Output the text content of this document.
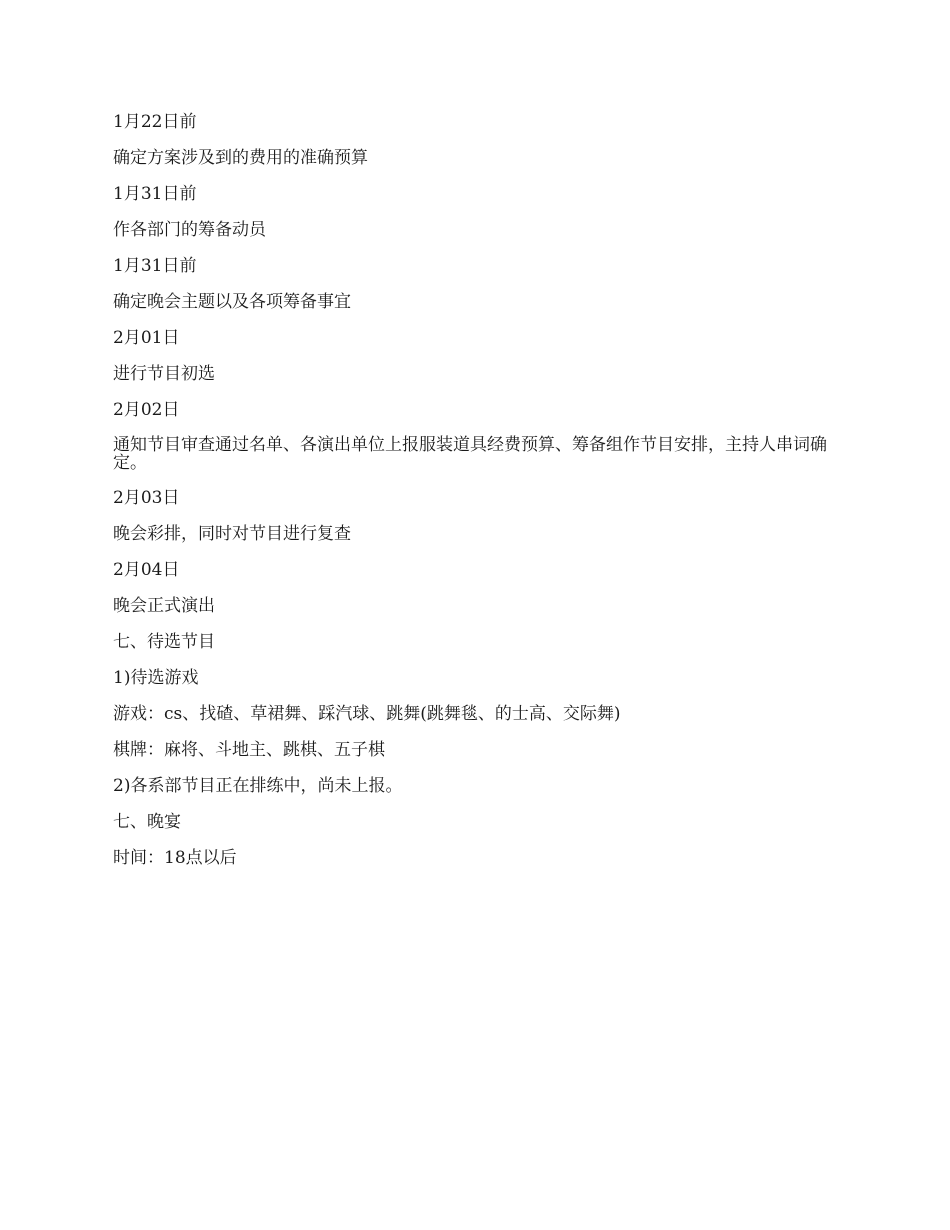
1月22日前

确定方案涉及到的费用的准确预算

1月31日前

作各部门的筹备动员

1月31日前

确定晚会主题以及各项筹备事宜

2月01日

进行节目初选

2月02日

通知节目审查通过名单、各演出单位上报服装道具经费预算、筹备组作节目安排，主持人串词确定。

2月03日

晚会彩排，同时对节目进行复查

2月04日

晚会正式演出

七、待选节目

1)待选游戏

游戏：cs、找碴、草裙舞、踩汽球、跳舞(跳舞毯、的士高、交际舞)

棋牌：麻将、斗地主、跳棋、五子棋

2)各系部节目正在排练中，尚未上报。

七、晚宴

时间：18点以后
